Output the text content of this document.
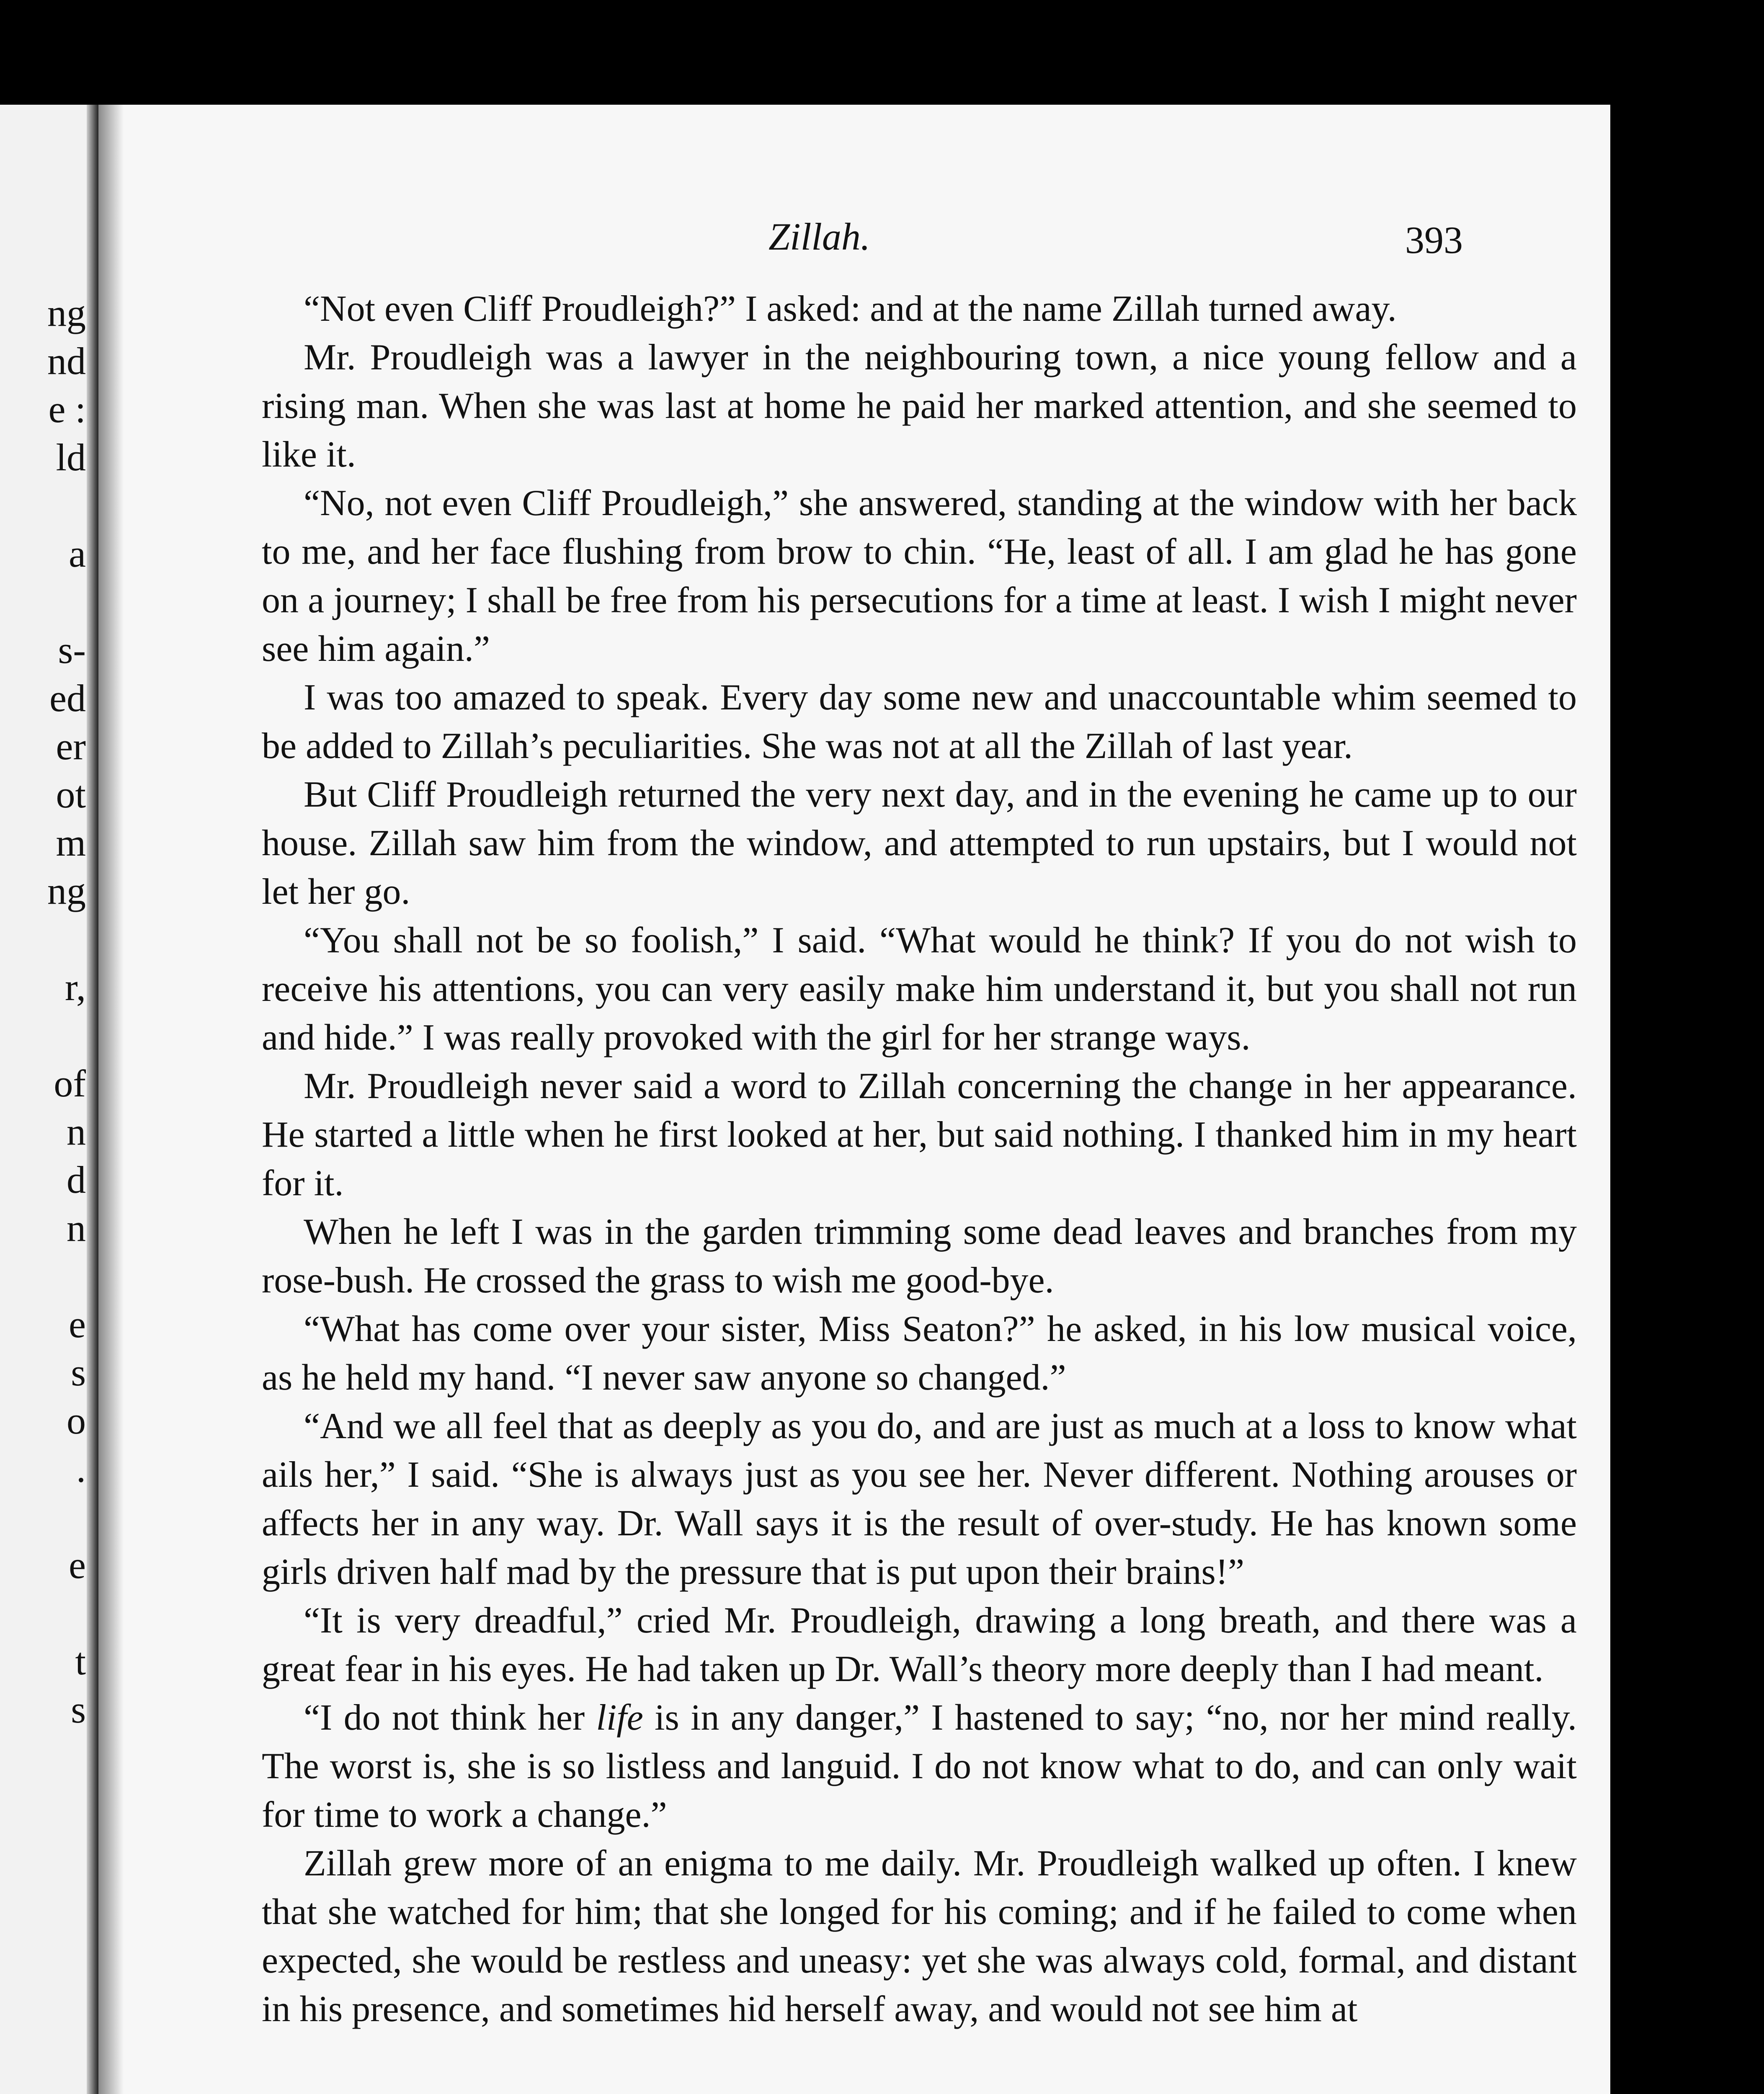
ng
nd
e :
ld
a
s-
ed
er
ot
m
ng
r,
of
n
d
n
e
s
o
.
e
t
s
Zillah.	393

“Not even Cliff Proudleigh?” I asked: and at the name Zillah turned away.

Mr. Proudleigh was a lawyer in the neighbouring town, a nice young fellow and a rising man. When she was last at home he paid her marked attention, and she seemed to like it.

“No, not even Cliff Proudleigh,” she answered, standing at the window with her back to me, and her face flushing from brow to chin. “He, least of all. I am glad he has gone on a journey; I shall be free from his persecutions for a time at least. I wish I might never see him again.”

I was too amazed to speak. Every day some new and unaccountable whim seemed to be added to Zillah’s peculiarities. She was not at all the Zillah of last year.

But Cliff Proudleigh returned the very next day, and in the evening he came up to our house. Zillah saw him from the window, and attempted to run upstairs, but I would not let her go.

“You shall not be so foolish,” I said. “What would he think? If you do not wish to receive his attentions, you can very easily make him understand it, but you shall not run and hide.” I was really provoked with the girl for her strange ways.

Mr. Proudleigh never said a word to Zillah concerning the change in her appearance. He started a little when he first looked at her, but said nothing. I thanked him in my heart for it.

When he left I was in the garden trimming some dead leaves and branches from my rose-bush. He crossed the grass to wish me good-bye.

“What has come over your sister, Miss Seaton?” he asked, in his low musical voice, as he held my hand. “I never saw anyone so changed.”

“And we all feel that as deeply as you do, and are just as much at a loss to know what ails her,” I said. “She is always just as you see her. Never different. Nothing arouses or affects her in any way. Dr. Wall says it is the result of over-study. He has known some girls driven half mad by the pressure that is put upon their brains!”

“It is very dreadful,” cried Mr. Proudleigh, drawing a long breath, and there was a great fear in his eyes. He had taken up Dr. Wall’s theory more deeply than I had meant.

“I do not think her life is in any danger,” I hastened to say; “no, nor her mind really. The worst is, she is so listless and languid. I do not know what to do, and can only wait for time to work a change.”

Zillah grew more of an enigma to me daily. Mr. Proudleigh walked up often. I knew that she watched for him; that she longed for his coming; and if he failed to come when expected, she would be restless and uneasy: yet she was always cold, formal, and distant in his presence, and sometimes hid herself away, and would not see him at
